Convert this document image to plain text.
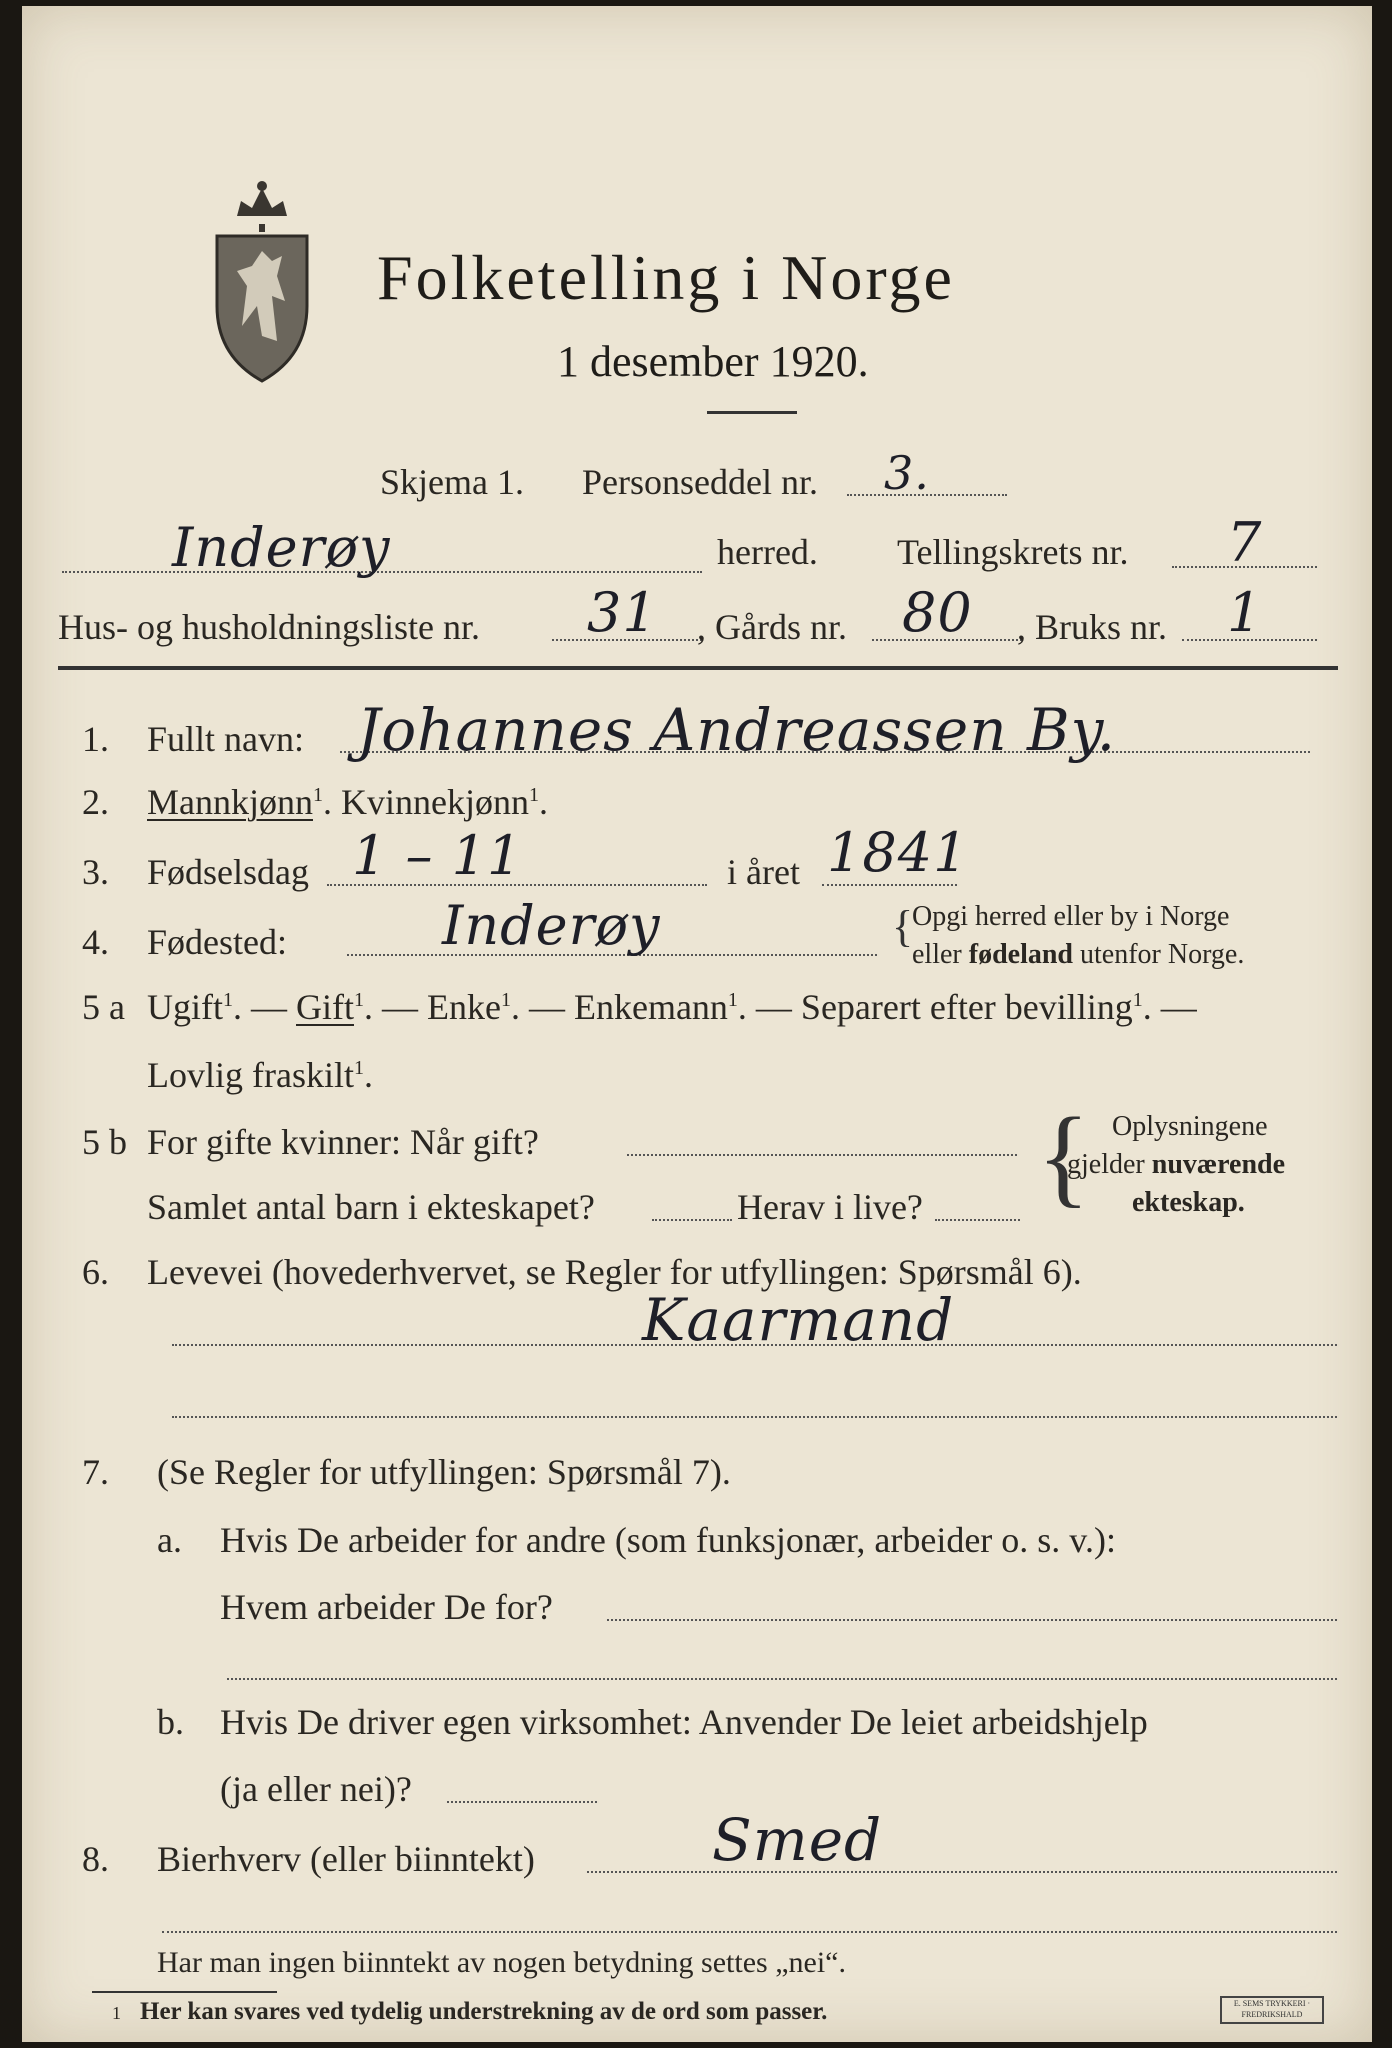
Folketelling i Norge
1 desember 1920.
Skjema 1. Personseddel nr. 3.
Inderøy	herred. Tellingskrets nr. 7
Hus- og husholdningsliste nr. 31 , Gårds nr. 80 , Bruks nr. 1
1. Fullt navn: Johannes Andreassen By.
2. Mannkjønn$^1$. Kvinnekjønn$^1$.
3. Fødselsdag 1 – 11	i året 1841
4. Fødested:	Inderøy	{
Opgi herred eller by i Norge
eller fødeland utenfor Norge.
5 a Ugift$^1$. — Gift$^1$. — Enke$^1$. — Enkemann$^1$. — Separert efter bevilling$^1$. —
Lovlig fraskilt$^1$.
5 b For gifte kvinner: Når gift?
Samlet antal barn i ekteskapet?	Herav i live? { Oplysningene
gjelder nuværende
ekteskap.
6. Levevei (hovederhvervet, se Regler for utfyllingen: Spørsmål 6).
Kaarmand
7. (Se Regler for utfyllingen: Spørsmål 7).
a. Hvis De arbeider for andre (som funksjonær, arbeider o. s. v.):
Hvem arbeider De for?
b. Hvis De driver egen virksomhet: Anvender De leiet arbeidshjelp
(ja eller nei)?
8. Bierhverv (eller biinntekt)	Smed
Har man ingen biinntekt av nogen betydning settes „nei“.
1 Her kan svares ved tydelig understrekning av de ord som passer.	E. SEMS TRYKKERI · FREDRIKSHALD
